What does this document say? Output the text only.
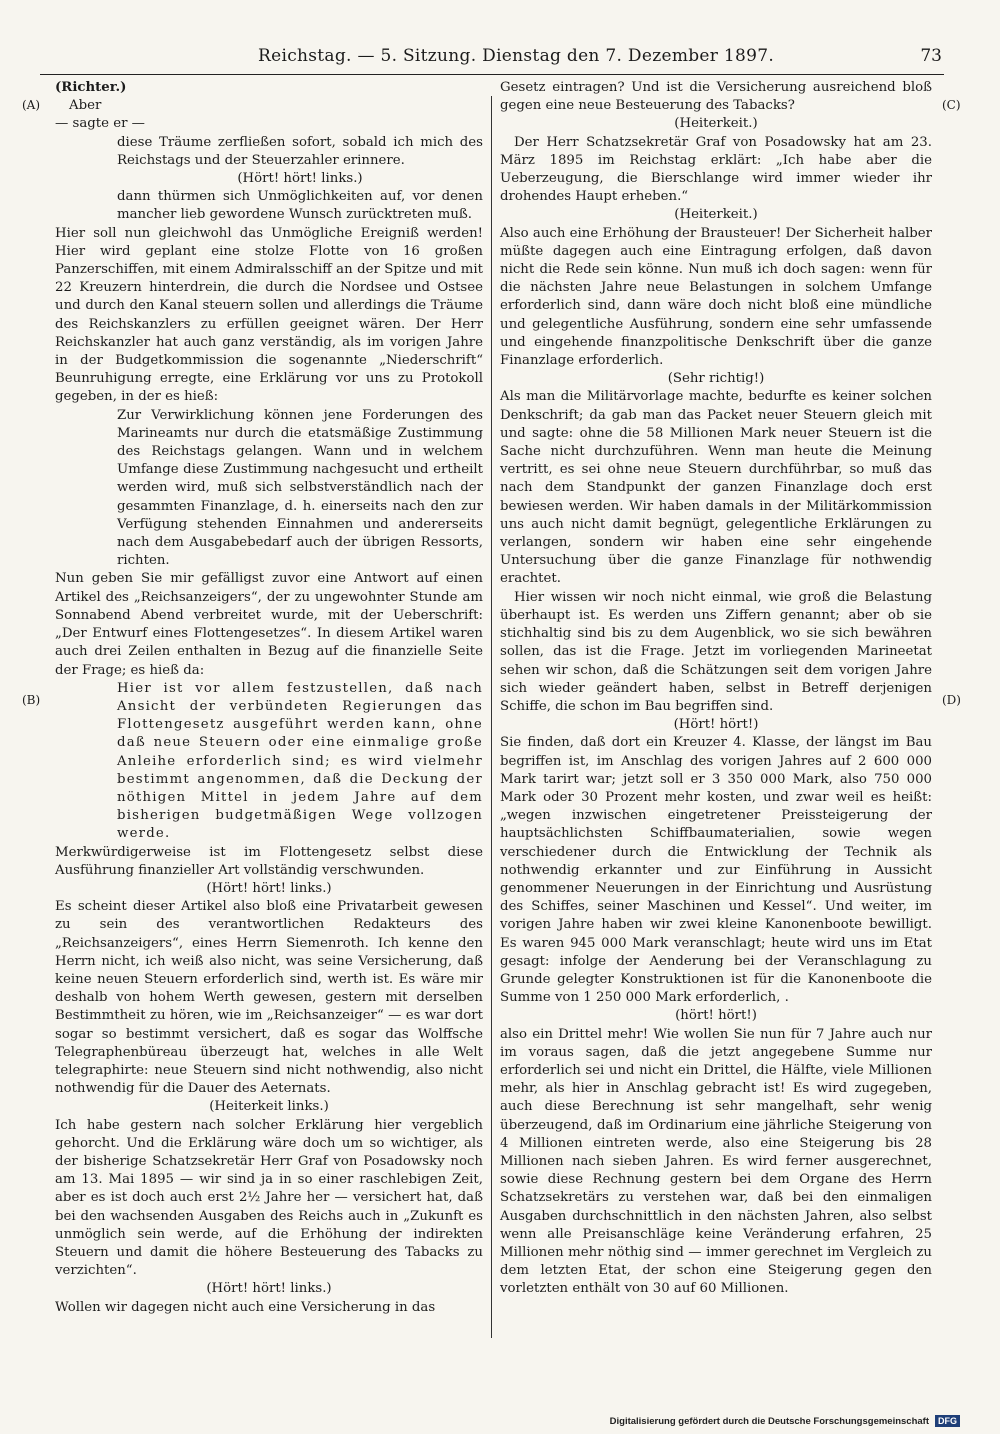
Reichstag. — 5. Sitzung. Dienstag den 7. Dezember 1897.	73
(A)
(B)
(C)
(D)

(Richter.)

Aber

— sagte er —

diese Träume zerfließen sofort, sobald ich mich des Reichstags und der Steuerzahler erinnere.

(Hört! hört! links.)

dann thürmen sich Unmöglichkeiten auf, vor denen mancher lieb gewordene Wunsch zurücktreten muß.

Hier soll nun gleichwohl das Unmögliche Ereigniß werden! Hier wird geplant eine stolze Flotte von 16 großen Panzerschiffen, mit einem Admiralsschiff an der Spitze und mit 22 Kreuzern hinterdrein, die durch die Nordsee und Ostsee und durch den Kanal steuern sollen und allerdings die Träume des Reichskanzlers zu erfüllen geeignet wären. Der Herr Reichskanzler hat auch ganz verständig, als im vorigen Jahre in der Budgetkommission die sogenannte „Niederschrift“ Beunruhigung erregte, eine Erklärung vor uns zu Protokoll gegeben, in der es hieß:

Zur Verwirklichung können jene Forderungen des Marineamts nur durch die etatsmäßige Zustimmung des Reichstags gelangen. Wann und in welchem Umfange diese Zustimmung nachgesucht und ertheilt werden wird, muß sich selbstverständlich nach der gesammten Finanzlage, d. h. einerseits nach den zur Verfügung stehenden Einnahmen und andererseits nach dem Ausgabebedarf auch der übrigen Ressorts, richten.

Nun geben Sie mir gefälligst zuvor eine Antwort auf einen Artikel des „Reichsanzeigers“, der zu ungewohnter Stunde am Sonnabend Abend verbreitet wurde, mit der Ueberschrift: „Der Entwurf eines Flottengesetzes“. In diesem Artikel waren auch drei Zeilen enthalten in Bezug auf die finanzielle Seite der Frage; es hieß da:

Hier ist vor allem festzustellen, daß nach Ansicht der verbündeten Regierungen das Flottengesetz ausgeführt werden kann, ohne daß neue Steuern oder eine einmalige große Anleihe erforderlich sind; es wird vielmehr bestimmt angenommen, daß die Deckung der nöthigen Mittel in jedem Jahre auf dem bisherigen budgetmäßigen Wege vollzogen werde.

Merkwürdigerweise ist im Flottengesetz selbst diese Ausführung finanzieller Art vollständig verschwunden.

(Hört! hört! links.)

Es scheint dieser Artikel also bloß eine Privatarbeit gewesen zu sein des verantwortlichen Redakteurs des „Reichsanzeigers“, eines Herrn Siemenroth. Ich kenne den Herrn nicht, ich weiß also nicht, was seine Versicherung, daß keine neuen Steuern erforderlich sind, werth ist. Es wäre mir deshalb von hohem Werth gewesen, gestern mit derselben Bestimmtheit zu hören, wie im „Reichsanzeiger“ — es war dort sogar so bestimmt versichert, daß es sogar das Wolffsche Telegraphenbüreau überzeugt hat, welches in alle Welt telegraphirte: neue Steuern sind nicht nothwendig, also nicht nothwendig für die Dauer des Aeternats.

(Heiterkeit links.)

Ich habe gestern nach solcher Erklärung hier vergeblich gehorcht. Und die Erklärung wäre doch um so wichtiger, als der bisherige Schatzsekretär Herr Graf von Posadowsky noch am 13. Mai 1895 — wir sind ja in so einer raschlebigen Zeit, aber es ist doch auch erst 2½ Jahre her — versichert hat, daß bei den wachsenden Ausgaben des Reichs auch in „Zukunft es unmöglich sein werde, auf die Erhöhung der indirekten Steuern und damit die höhere Besteuerung des Tabacks zu verzichten“.

(Hört! hört! links.)

Wollen wir dagegen nicht auch eine Versicherung in das

Gesetz eintragen? Und ist die Versicherung ausreichend bloß gegen eine neue Besteuerung des Tabacks?

(Heiterkeit.)

Der Herr Schatzsekretär Graf von Posadowsky hat am 23. März 1895 im Reichstag erklärt: „Ich habe aber die Ueberzeugung, die Bierschlange wird immer wieder ihr drohendes Haupt erheben.“

(Heiterkeit.)

Also auch eine Erhöhung der Brausteuer! Der Sicherheit halber müßte dagegen auch eine Eintragung erfolgen, daß davon nicht die Rede sein könne. Nun muß ich doch sagen: wenn für die nächsten Jahre neue Belastungen in solchem Umfange erforderlich sind, dann wäre doch nicht bloß eine mündliche und gelegentliche Ausführung, sondern eine sehr umfassende und eingehende finanzpolitische Denkschrift über die ganze Finanzlage erforderlich.

(Sehr richtig!)

Als man die Militärvorlage machte, bedurfte es keiner solchen Denkschrift; da gab man das Packet neuer Steuern gleich mit und sagte: ohne die 58 Millionen Mark neuer Steuern ist die Sache nicht durchzuführen. Wenn man heute die Meinung vertritt, es sei ohne neue Steuern durchführbar, so muß das nach dem Standpunkt der ganzen Finanzlage doch erst bewiesen werden. Wir haben damals in der Militärkommission uns auch nicht damit begnügt, gelegentliche Erklärungen zu verlangen, sondern wir haben eine sehr eingehende Untersuchung über die ganze Finanzlage für nothwendig erachtet.

Hier wissen wir noch nicht einmal, wie groß die Belastung überhaupt ist. Es werden uns Ziffern genannt; aber ob sie stichhaltig sind bis zu dem Augenblick, wo sie sich bewähren sollen, das ist die Frage. Jetzt im vorliegenden Marineetat sehen wir schon, daß die Schätzungen seit dem vorigen Jahre sich wieder geändert haben, selbst in Betreff derjenigen Schiffe, die schon im Bau begriffen sind.

(Hört! hört!)

Sie finden, daß dort ein Kreuzer 4. Klasse, der längst im Bau begriffen ist, im Anschlag des vorigen Jahres auf 2 600 000 Mark tarirt war; jetzt soll er 3 350 000 Mark, also 750 000 Mark oder 30 Prozent mehr kosten, und zwar weil es heißt: „wegen inzwischen eingetretener Preissteigerung der hauptsächlichsten Schiffbaumaterialien, sowie wegen verschiedener durch die Entwicklung der Technik als nothwendig erkannter und zur Einführung in Aussicht genommener Neuerungen in der Einrichtung und Ausrüstung des Schiffes, seiner Maschinen und Kessel“. Und weiter, im vorigen Jahre haben wir zwei kleine Kanonenboote bewilligt. Es waren 945 000 Mark veranschlagt; heute wird uns im Etat gesagt: infolge der Aenderung bei der Veranschlagung zu Grunde gelegter Konstruktionen ist für die Kanonenboote die Summe von 1 250 000 Mark erforderlich, .

(hört! hört!)

also ein Drittel mehr! Wie wollen Sie nun für 7 Jahre auch nur im voraus sagen, daß die jetzt angegebene Summe nur erforderlich sei und nicht ein Drittel, die Hälfte, viele Millionen mehr, als hier in Anschlag gebracht ist! Es wird zugegeben, auch diese Berechnung ist sehr mangelhaft, sehr wenig überzeugend, daß im Ordinarium eine jährliche Steigerung von 4 Millionen eintreten werde, also eine Steigerung bis 28 Millionen nach sieben Jahren. Es wird ferner ausgerechnet, sowie diese Rechnung gestern bei dem Organe des Herrn Schatzsekretärs zu verstehen war, daß bei den einmaligen Ausgaben durchschnittlich in den nächsten Jahren, also selbst wenn alle Preisanschläge keine Veränderung erfahren, 25 Millionen mehr nöthig sind — immer gerechnet im Vergleich zu dem letzten Etat, der schon eine Steigerung gegen den vorletzten enthält von 30 auf 60 Millionen.

Digitalisierung gefördert durch die Deutsche Forschungsgemeinschaft	DFG
